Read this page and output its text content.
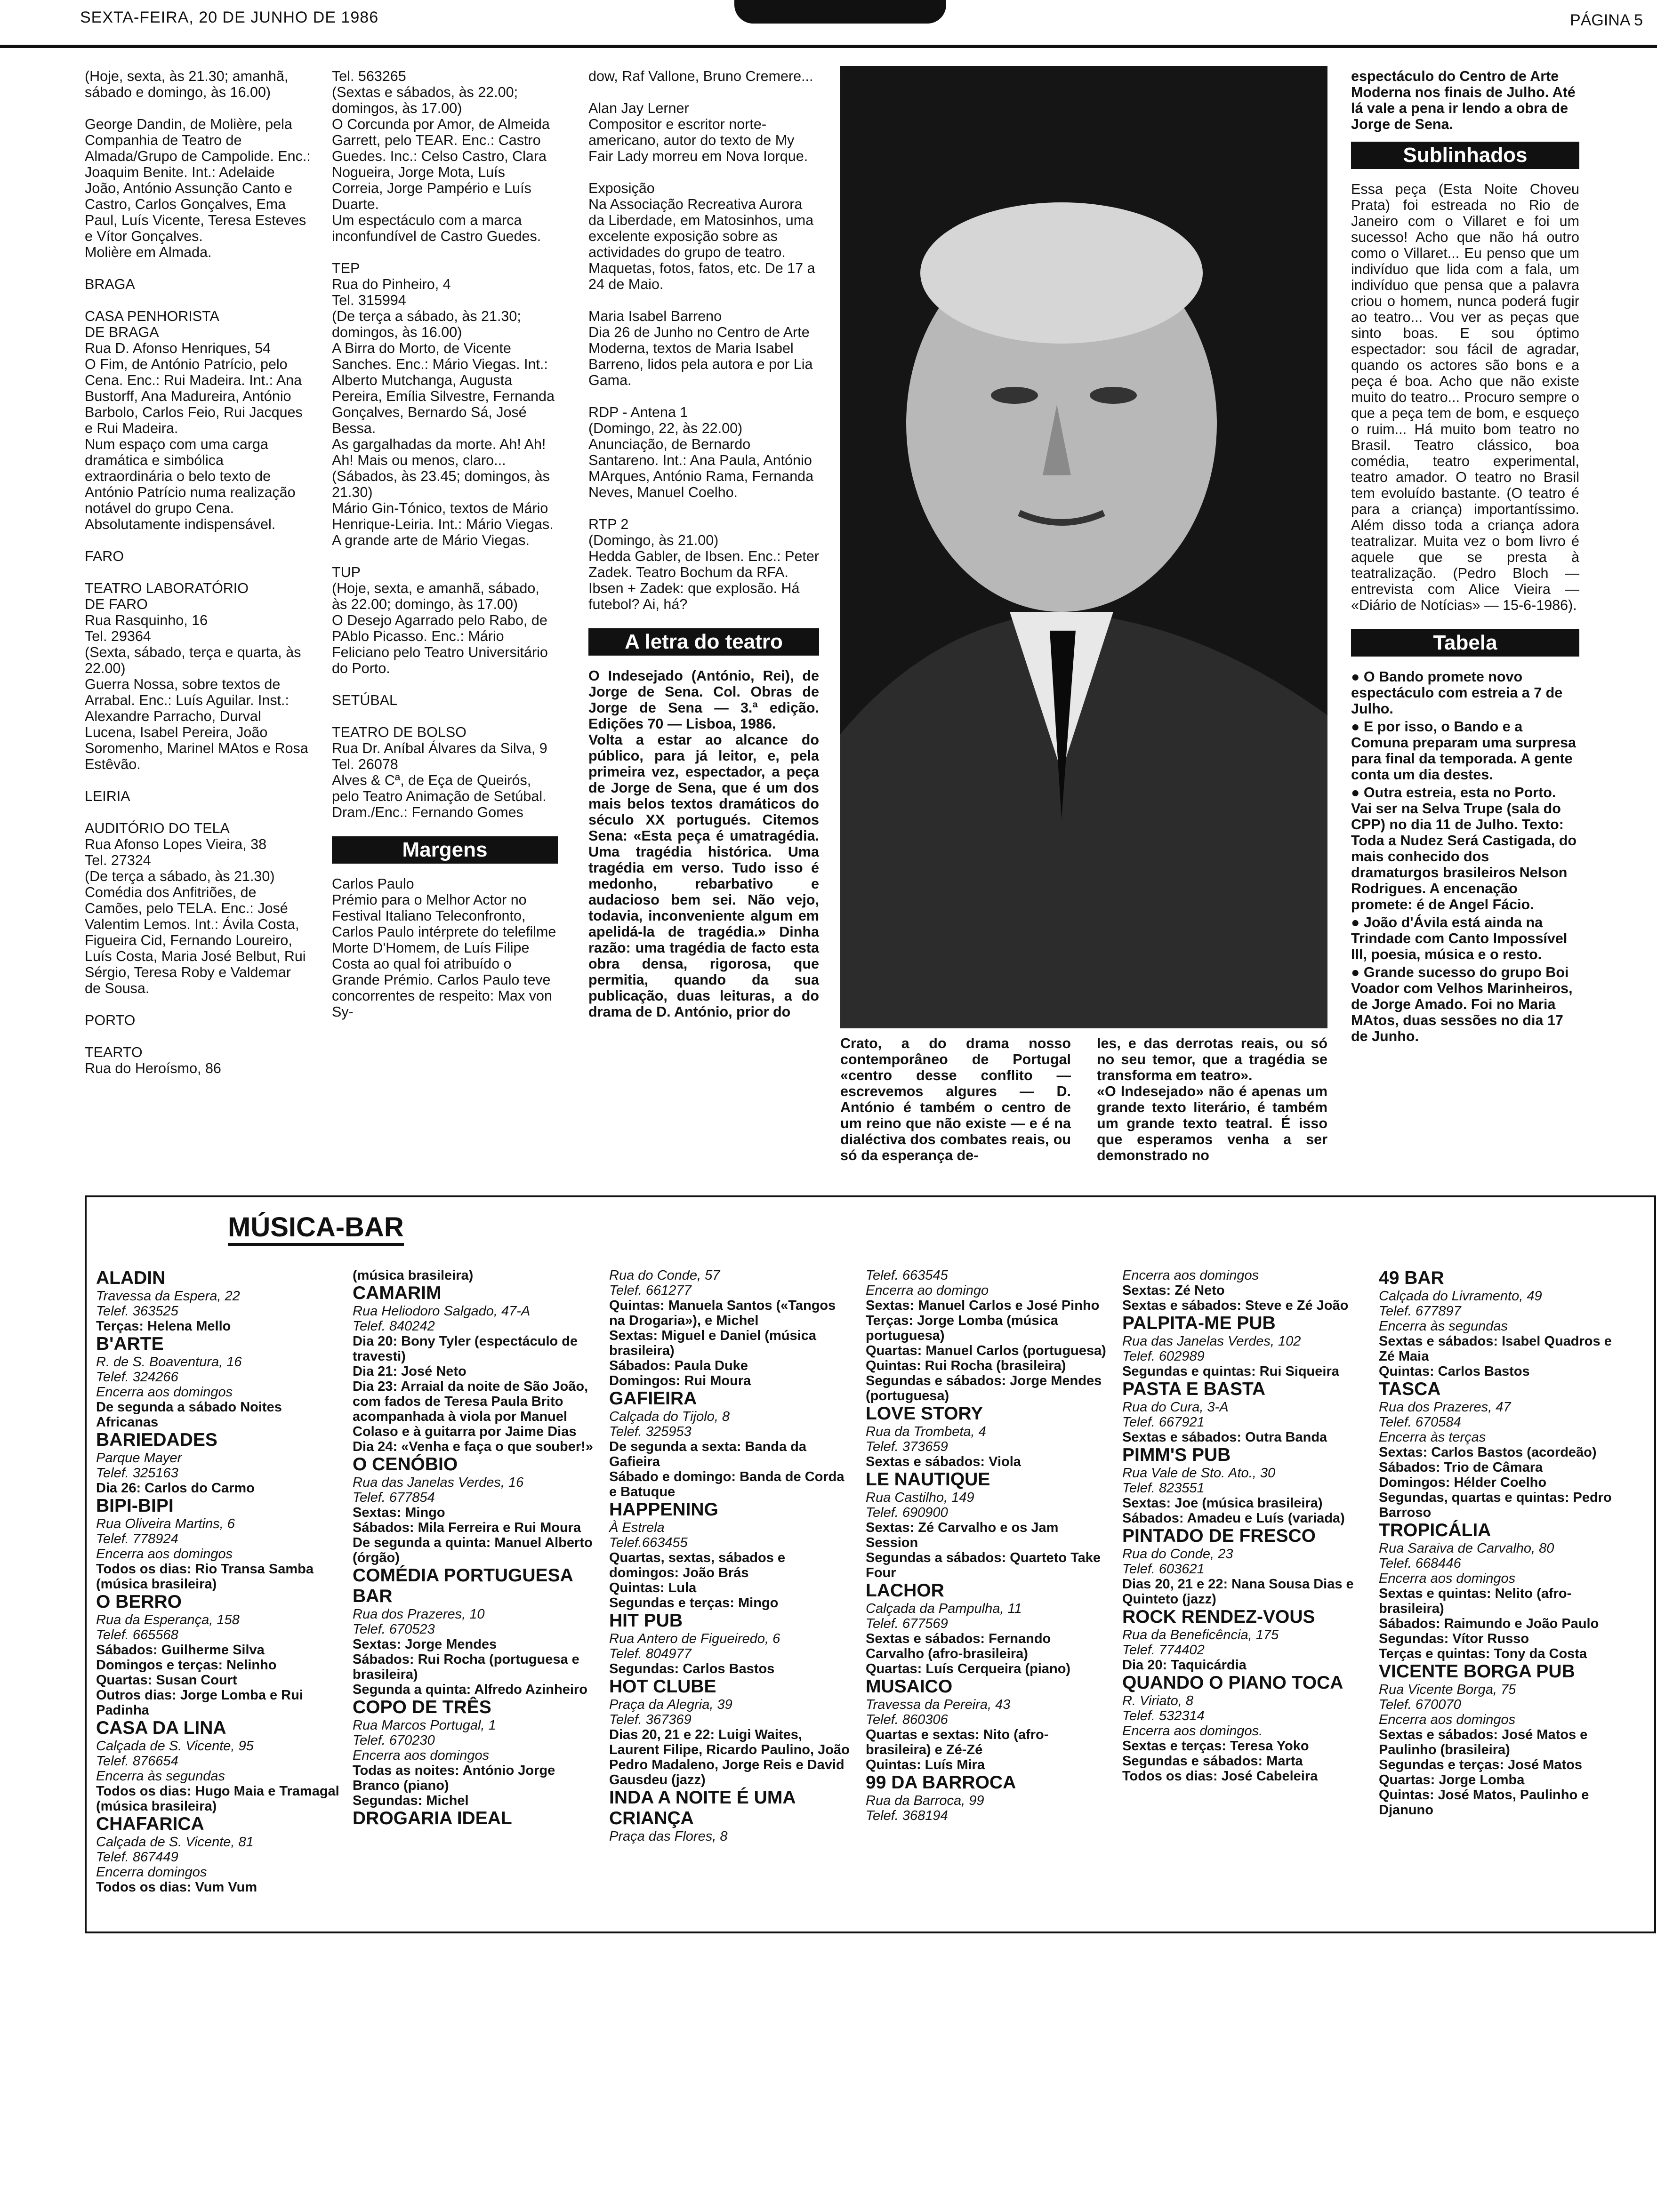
SEXTA-FEIRA, 20 DE JUNHO DE 1986	PÁGINA 5

(Hoje, sexta, às 21.30; amanhã, sábado e domingo, às 16.00)

George Dandin, de Molière, pela Companhia de Teatro de Almada/Grupo de Campolide. Enc.: Joaquim Benite. Int.: Adelaide João, António Assunção Canto e Castro, Carlos Gonçalves, Ema Paul, Luís Vicente, Teresa Esteves e Vítor Gonçalves.
Molière em Almada.

BRAGA

CASA PENHORISTA
DE BRAGA
Rua D. Afonso Henriques, 54
O Fim, de António Patrício, pelo Cena. Enc.: Rui Madeira. Int.: Ana Bustorff, Ana Madureira, António Barbolo, Carlos Feio, Rui Jacques e Rui Madeira.
Num espaço com uma carga dramática e simbólica extraordinária o belo texto de António Patrício numa realização notável do grupo Cena. Absolutamente indispensável.

FARO

TEATRO LABORATÓRIO
DE FARO
Rua Rasquinho, 16
Tel. 29364
(Sexta, sábado, terça e quarta, às 22.00)
Guerra Nossa, sobre textos de Arrabal. Enc.: Luís Aguilar. Inst.: Alexandre Parracho, Durval Lucena, Isabel Pereira, João Soromenho, Marinel MAtos e Rosa Estêvão.

LEIRIA

AUDITÓRIO DO TELA
Rua Afonso Lopes Vieira, 38
Tel. 27324
(De terça a sábado, às 21.30)
Comédia dos Anfitriões, de Camões, pelo TELA. Enc.: José Valentim Lemos. Int.: Ávila Costa, Figueira Cid, Fernando Loureiro, Luís Costa, Maria José Belbut, Rui Sérgio, Teresa Roby e Valdemar de Sousa.

PORTO

TEARTO
Rua do Heroísmo, 86

Tel. 563265
(Sextas e sábados, às 22.00; domingos, às 17.00)
O Corcunda por Amor, de Almeida Garrett, pelo TEAR. Enc.: Castro Guedes. Inc.: Celso Castro, Clara Nogueira, Jorge Mota, Luís Correia, Jorge Pampério e Luís Duarte.
Um espectáculo com a marca inconfundível de Castro Guedes.

TEP
Rua do Pinheiro, 4
Tel. 315994
(De terça a sábado, às 21.30; domingos, às 16.00)
A Birra do Morto, de Vicente Sanches. Enc.: Mário Viegas. Int.: Alberto Mutchanga, Augusta Pereira, Emília Silvestre, Fernanda Gonçalves, Bernardo Sá, José Bessa.
As gargalhadas da morte. Ah! Ah! Ah! Mais ou menos, claro...
(Sábados, às 23.45; domingos, às 21.30)
Mário Gin-Tónico, textos de Mário Henrique-Leiria. Int.: Mário Viegas.
A grande arte de Mário Viegas.

TUP
(Hoje, sexta, e amanhã, sábado, às 22.00; domingo, às 17.00)
O Desejo Agarrado pelo Rabo, de PAblo Picasso. Enc.: Mário Feliciano pelo Teatro Universitário do Porto.

SETÚBAL

TEATRO DE BOLSO
Rua Dr. Aníbal Álvares da Silva, 9
Tel. 26078
Alves & Cª, de Eça de Queirós, pelo Teatro Animação de Setúbal. Dram./Enc.: Fernando Gomes

Margens

Carlos Paulo
Prémio para o Melhor Actor no Festival Italiano Teleconfronto, Carlos Paulo intérprete do telefilme Morte D'Homem, de Luís Filipe Costa ao qual foi atribuído o Grande Prémio. Carlos Paulo teve concorrentes de respeito: Max von Sy-

dow, Raf Vallone, Bruno Cremere...

Alan Jay Lerner
Compositor e escritor norte-americano, autor do texto de My Fair Lady morreu em Nova Iorque.

Exposição
Na Associação Recreativa Aurora da Liberdade, em Matosinhos, uma excelente exposição sobre as actividades do grupo de teatro. Maquetas, fotos, fatos, etc. De 17 a 24 de Maio.

Maria Isabel Barreno
Dia 26 de Junho no Centro de Arte Moderna, textos de Maria Isabel Barreno, lidos pela autora e por Lia Gama.

RDP - Antena 1
(Domingo, 22, às 22.00)
Anunciação, de Bernardo Santareno. Int.: Ana Paula, António MArques, António Rama, Fernanda Neves, Manuel Coelho.

RTP 2
(Domingo, às 21.00)
Hedda Gabler, de Ibsen. Enc.: Peter Zadek. Teatro Bochum da RFA.
Ibsen + Zadek: que explosão. Há futebol? Ai, há?

A letra do teatro

O Indesejado (António, Rei), de Jorge de Sena. Col. Obras de Jorge de Sena — 3.ª edição. Edições 70 — Lisboa, 1986.
Volta a estar ao alcance do público, para já leitor, e, pela primeira vez, espectador, a peça de Jorge de Sena, que é um dos mais belos textos dramáticos do século XX portugués. Citemos Sena: «Esta peça é umatragédia. Uma tragédia histórica. Uma tragédia em verso. Tudo isso é medonho, rebarbativo e audacioso bem sei. Não vejo, todavia, inconveniente algum em apelidá-la de tragédia.» Dinha razão: uma tragédia de facto esta obra densa, rigorosa, que permitia, quando da sua publicação, duas leituras, a do drama de D. António, prior do

Crato, a do drama nosso contemporâneo de Portugal «centro desse conflito — escrevemos algures — D. António é também o centro de um reino que não existe — e é na dialéctiva dos combates reais, ou só da esperança de-

les, e das derrotas reais, ou só no seu temor, que a tragédia se transforma em teatro».
«O Indesejado» não é apenas um grande texto literário, é também um grande texto teatral. É isso que esperamos venha a ser demonstrado no

espectáculo do Centro de Arte Moderna nos finais de Julho. Até lá vale a pena ir lendo a obra de Jorge de Sena.

Sublinhados

Essa peça (Esta Noite Choveu Prata) foi estreada no Rio de Janeiro com o Villaret e foi um sucesso! Acho que não há outro como o Villaret... Eu penso que um indivíduo que lida com a fala, um indivíduo que pensa que a palavra criou o homem, nunca poderá fugir ao teatro... Vou ver as peças que sinto boas. E sou óptimo espectador: sou fácil de agradar, quando os actores são bons e a peça é boa. Acho que não existe muito do teatro... Procuro sempre o que a peça tem de bom, e esqueço o ruim... Há muito bom teatro no Brasil. Teatro clássico, boa comédia, teatro experimental, teatro amador. O teatro no Brasil tem evoluído bastante. (O teatro é para a criança) importantíssimo. Além disso toda a criança adora teatralizar. Muita vez o bom livro é aquele que se presta à teatralização. (Pedro Bloch — entrevista com Alice Vieira — «Diário de Notícias» — 15-6-1986).

Tabela
● O Bando promete novo espectáculo com estreia a 7 de Julho.
● E por isso, o Bando e a Comuna preparam uma surpresa para final da temporada. A gente conta um dia destes.
● Outra estreia, esta no Porto. Vai ser na Selva Trupe (sala do CPP) no dia 11 de Julho. Texto: Toda a Nudez Será Castigada, do mais conhecido dos dramaturgos brasileiros Nelson Rodrigues. A encenação promete: é de Angel Fácio.
● João d'Ávila está ainda na Trindade com Canto Impossível III, poesia, música e o resto.
● Grande sucesso do grupo Boi Voador com Velhos Marinheiros, de Jorge Amado. Foi no Maria MAtos, duas sessões no dia 17 de Junho.
MÚSICA-BAR
ALADIN
Travessa da Espera, 22
Telef. 363525
Terças: Helena Mello
B'ARTE
R. de S. Boaventura, 16
Telef. 324266
Encerra aos domingos
De segunda a sábado Noites Africanas
BARIEDADES
Parque Mayer
Telef. 325163
Dia 26: Carlos do Carmo
BIPI-BIPI
Rua Oliveira Martins, 6
Telef. 778924
Encerra aos domingos
Todos os dias: Rio Transa Samba (música brasileira)
O BERRO
Rua da Esperança, 158
Telef. 665568
Sábados: Guilherme Silva
Domingos e terças: Nelinho
Quartas: Susan Court
Outros dias: Jorge Lomba e Rui Padinha
CASA DA LINA
Calçada de S. Vicente, 95
Telef. 876654
Encerra às segundas
Todos os dias: Hugo Maia e Tramagal (música brasileira)
CHAFARICA
Calçada de S. Vicente, 81
Telef. 867449
Encerra domingos
Todos os dias: Vum Vum
(música brasileira)
CAMARIM
Rua Heliodoro Salgado, 47-A
Telef. 840242
Dia 20: Bony Tyler (espectáculo de travesti)
Dia 21: José Neto
Dia 23: Arraial da noite de São João, com fados de Teresa Paula Brito acompanhada à viola por Manuel Colaso e à guitarra por Jaime Dias
Dia 24: «Venha e faça o que souber!»
O CENÓBIO
Rua das Janelas Verdes, 16
Telef. 677854
Sextas: Mingo
Sábados: Mila Ferreira e Rui Moura
De segunda a quinta: Manuel Alberto (órgão)
COMÉDIA PORTUGUESA BAR
Rua dos Prazeres, 10
Telef. 670523
Sextas: Jorge Mendes
Sábados: Rui Rocha (portuguesa e brasileira)
Segunda a quinta: Alfredo Azinheiro
COPO DE TRÊS
Rua Marcos Portugal, 1
Telef. 670230
Encerra aos domingos
Todas as noites: António Jorge Branco (piano)
Segundas: Michel
DROGARIA IDEAL
Rua do Conde, 57
Telef. 661277
Quintas: Manuela Santos («Tangos na Drogaria»), e Michel
Sextas: Miguel e Daniel (música brasileira)
Sábados: Paula Duke
Domingos: Rui Moura
GAFIEIRA
Calçada do Tijolo, 8
Telef. 325953
De segunda a sexta: Banda da Gafieira
Sábado e domingo: Banda de Corda e Batuque
HAPPENING
À Estrela
Telef.663455
Quartas, sextas, sábados e domingos: João Brás
Quintas: Lula
Segundas e terças: Mingo
HIT PUB
Rua Antero de Figueiredo, 6
Telef. 804977
Segundas: Carlos Bastos
HOT CLUBE
Praça da Alegria, 39
Telef. 367369
Dias 20, 21 e 22: Luigi Waites, Laurent Filipe, Ricardo Paulino, João Pedro Madaleno, Jorge Reis e David Gausdeu (jazz)
INDA A NOITE É UMA CRIANÇA
Praça das Flores, 8
Telef. 663545
Encerra ao domingo
Sextas: Manuel Carlos e José Pinho
Terças: Jorge Lomba (música portuguesa)
Quartas: Manuel Carlos (portuguesa)
Quintas: Rui Rocha (brasileira)
Segundas e sábados: Jorge Mendes (portuguesa)
LOVE STORY
Rua da Trombeta, 4
Telef. 373659
Sextas e sábados: Viola
LE NAUTIQUE
Rua Castilho, 149
Telef. 690900
Sextas: Zé Carvalho e os Jam Session
Segundas a sábados: Quarteto Take Four
LACHOR
Calçada da Pampulha, 11
Telef. 677569
Sextas e sábados: Fernando Carvalho (afro-brasileira)
Quartas: Luís Cerqueira (piano)
MUSAICO
Travessa da Pereira, 43
Telef. 860306
Quartas e sextas: Nito (afro-brasileira) e Zé-Zé
Quintas: Luís Mira
99 DA BARROCA
Rua da Barroca, 99
Telef. 368194
Encerra aos domingos
Sextas: Zé Neto
Sextas e sábados: Steve e Zé João
PALPITA-ME PUB
Rua das Janelas Verdes, 102
Telef. 602989
Segundas e quintas: Rui Siqueira
PASTA E BASTA
Rua do Cura, 3-A
Telef. 667921
Sextas e sábados: Outra Banda
PIMM'S PUB
Rua Vale de Sto. Ato., 30
Telef. 823551
Sextas: Joe (música brasileira)
Sábados: Amadeu e Luís (variada)
PINTADO DE FRESCO
Rua do Conde, 23
Telef. 603621
Dias 20, 21 e 22: Nana Sousa Dias e Quinteto (jazz)
ROCK RENDEZ-VOUS
Rua da Beneficência, 175
Telef. 774402
Dia 20: Taquicárdia
QUANDO O PIANO TOCA
R. Viriato, 8
Telef. 532314
Encerra aos domingos.
Sextas e terças: Teresa Yoko
Segundas e sábados: Marta
Todos os dias: José Cabeleira
49 BAR
Calçada do Livramento, 49
Telef. 677897
Encerra às segundas
Sextas e sábados: Isabel Quadros e Zé Maia
Quintas: Carlos Bastos
TASCA
Rua dos Prazeres, 47
Telef. 670584
Encerra às terças
Sextas: Carlos Bastos (acordeão)
Sábados: Trio de Câmara
Domingos: Hélder Coelho
Segundas, quartas e quintas: Pedro Barroso
TROPICÁLIA
Rua Saraiva de Carvalho, 80
Telef. 668446
Encerra aos domingos
Sextas e quintas: Nelito (afro-brasileira)
Sábados: Raimundo e João Paulo
Segundas: Vítor Russo
Terças e quintas: Tony da Costa
VICENTE BORGA PUB
Rua Vicente Borga, 75
Telef. 670070
Encerra aos domingos
Sextas e sábados: José Matos e Paulinho (brasileira)
Segundas e terças: José Matos
Quartas: Jorge Lomba
Quintas: José Matos, Paulinho e Djanuno
